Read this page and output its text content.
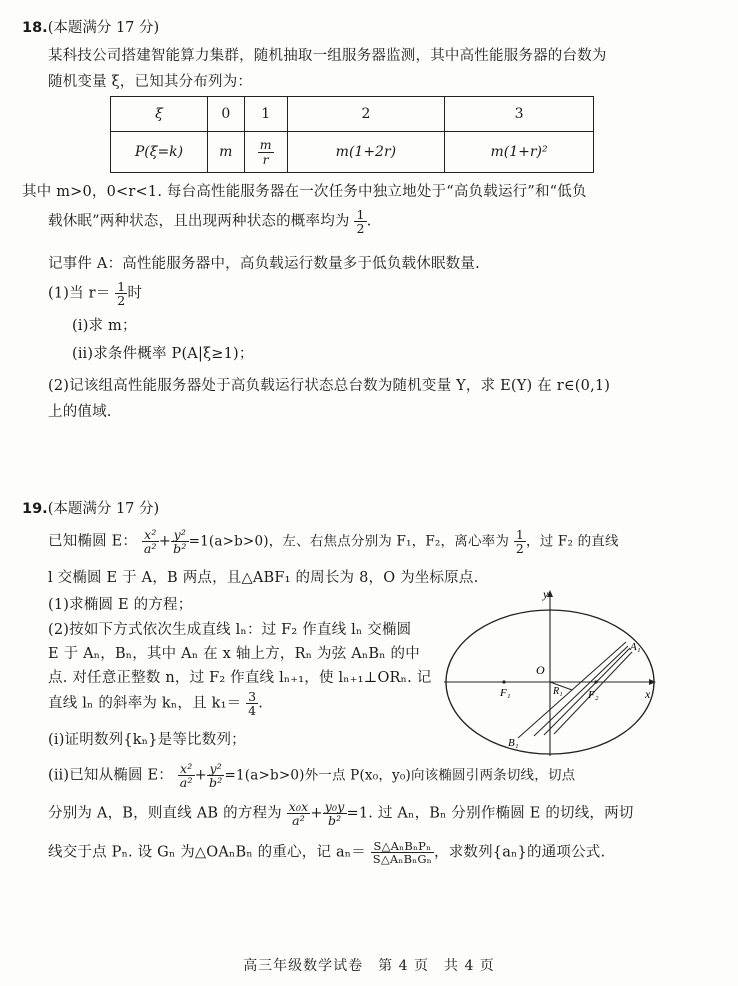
18.(本题满分 17 分)
某科技公司搭建智能算力集群，随机抽取一组服务器监测，其中高性能服务器的台数为
随机变量 ξ，已知其分布列为：
ξ	0	1	2	3
P(ξ=k)	m	$\frac{m}{r}$	m(1+2r)	m(1+r)²
其中 m>0，0<r<1. 每台高性能服务器在一次任务中独立地处于“高负载运行”和“低负
载休眠”两种状态，且出现两种状态的概率均为 $\frac{1}{2}$ .
记事件 A：高性能服务器中，高负载运行数量多于低负载休眠数量.
(1)当 $r= \frac{1}{2}$ 时
(ⅰ)求 m；
(ⅱ)求条件概率 P(A|ξ≥1)；
(2)记该组高性能服务器处于高负载运行状态总台数为随机变量 Y，求 E(Y) 在 r∈(0,1)
上的值域.
19.(本题满分 17 分)
已知椭圆 E： $\frac{\text{x²}}{\text{a²}} + \frac{\text{y²}}{\text{b²}} =1(a>b>0)$，左、右焦点分别为 F₁，F₂，离心率为 $\frac{1}{2}$ ，过 F₂ 的直线
l 交椭圆 E 于 A，B 两点，且△ABF₁ 的周长为 8，O 为坐标原点.
(1)求椭圆 E 的方程；
(2)按如下方式依次生成直线 lₙ：过 F₂ 作直线 lₙ 交椭圆
E 于 Aₙ，Bₙ，其中 Aₙ 在 x 轴上方，Rₙ 为弦 AₙBₙ 的中
点. 对任意正整数 n，过 F₂ 作直线 lₙ₊₁，使 lₙ₊₁⊥ORₙ. 记
直线 lₙ 的斜率为 kₙ，且 $k_1= \frac{3}{4}$ .
(ⅰ)证明数列{kₙ}是等比数列；
(ⅱ)已知从椭圆 E： $\frac{\text{x²}}{\text{a²}} + \frac{\text{y²}}{\text{b²}} =1(a>b>0)$外一点 P(x₀，y₀)向该椭圆引两条切线，切点
分别为 A，B，则直线 AB 的方程为 $\frac{\text{x₀x}}{\text{a²}} + \frac{\text{y₀y}}{\text{b²}} =1$. 过 Aₙ，Bₙ 分别作椭圆 E 的切线，两切
线交于点 Pₙ. 设 Gₙ 为△OAₙBₙ 的重心，记 $a_n= \frac{\text{S△AₙBₙPₙ}}{\text{S△AₙBₙGₙ}}$ ，求数列{aₙ}的通项公式.
y
x
O
F₁	F₂
A₁
B₁
R₁
高三年级数学试卷　第 4 页　共 4 页
